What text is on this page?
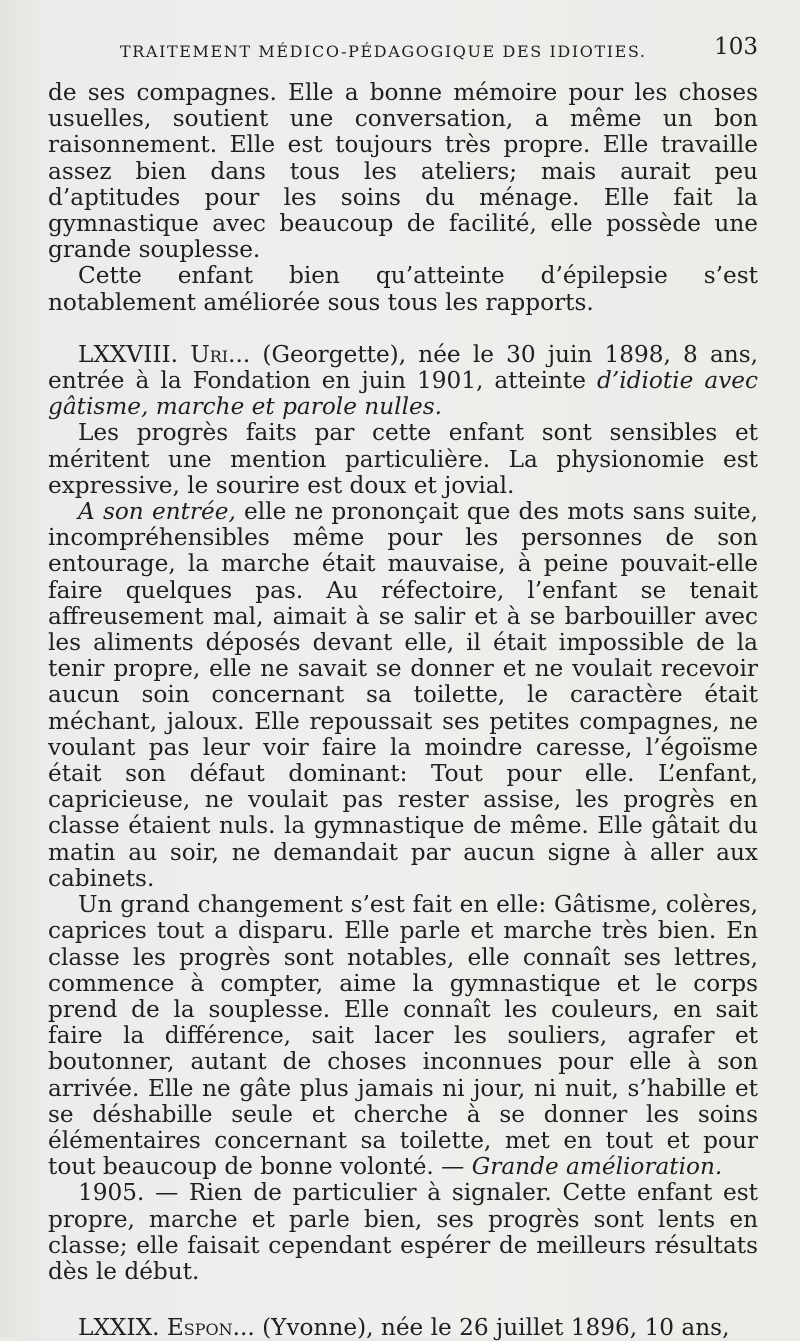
TRAITEMENT MÉDICO-PÉDAGOGIQUE DES IDIOTIES.	103

de ses compagnes. Elle a bonne mémoire pour les choses usuelles, soutient une conversation, a même un bon raisonnement. Elle est toujours très propre. Elle travaille assez bien dans tous les ateliers; mais aurait peu d’aptitudes pour les soins du ménage. Elle fait la gymnastique avec beaucoup de facilité, elle possède une grande souplesse.

Cette enfant bien qu’atteinte d’épilepsie s’est notablement améliorée sous tous les rapports.

LXXVIII. Uri... (Georgette), née le 30 juin 1898, 8 ans, entrée à la Fondation en juin 1901, atteinte d’idiotie avec gâtisme, marche et parole nulles.

Les progrès faits par cette enfant sont sensibles et méritent une mention particulière. La physionomie est expressive, le sourire est doux et jovial.

A son entrée, elle ne prononçait que des mots sans suite, incompréhensibles même pour les personnes de son entourage, la marche était mauvaise, à peine pouvait-elle faire quelques pas. Au réfectoire, l’enfant se tenait affreusement mal, aimait à se salir et à se barbouiller avec les aliments déposés devant elle, il était impossible de la tenir propre, elle ne savait se donner et ne voulait recevoir aucun soin concernant sa toilette, le caractère était méchant, jaloux. Elle repoussait ses petites compagnes, ne voulant pas leur voir faire la moindre caresse, l’égoïsme était son défaut dominant: Tout pour elle. L’enfant, capricieuse, ne voulait pas rester assise, les progrès en classe étaient nuls. la gymnastique de même. Elle gâtait du matin au soir, ne demandait par aucun signe à aller aux cabinets.

Un grand changement s’est fait en elle: Gâtisme, colères, caprices tout a disparu. Elle parle et marche très bien. En classe les progrès sont notables, elle connaît ses lettres, commence à compter, aime la gymnastique et le corps prend de la souplesse. Elle connaît les couleurs, en sait faire la différence, sait lacer les souliers, agrafer et boutonner, autant de choses inconnues pour elle à son arrivée. Elle ne gâte plus jamais ni jour, ni nuit, s’habille et se déshabille seule et cherche à se donner les soins élémentaires concernant sa toilette, met en tout et pour tout beaucoup de bonne volonté. — Grande amélioration.

1905. — Rien de particulier à signaler. Cette enfant est propre, marche et parle bien, ses progrès sont lents en classe; elle faisait cependant espérer de meilleurs résultats dès le début.

LXXIX. Espon... (Yvonne), née le 26 juillet 1896, 10 ans,
